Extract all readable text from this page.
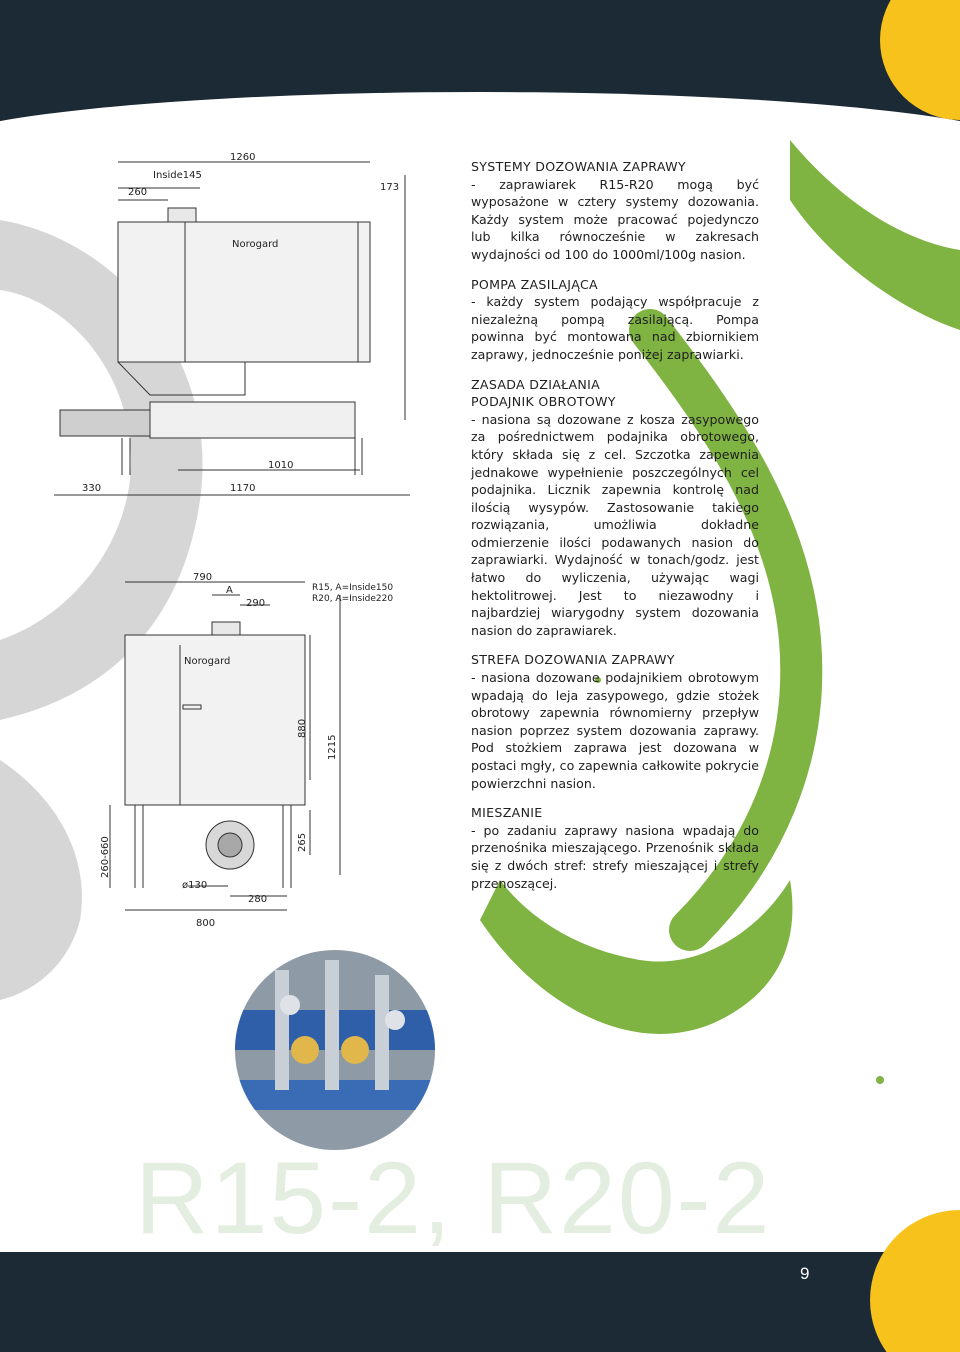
1260
Inside145
260	173
1010
330	1170
Norogard
790
A
290
R15, A=Inside150
R20, A=Inside220
Norogard
880
1215
265
260-660
ø130
280
800
SYSTEMY DOZOWANIA ZAPRAWY

- zaprawiarek R15-R20 mogą być wyposażone w cztery systemy dozowania. Każdy system może pracować pojedynczo lub kilka równocześnie w zakresach wydajności od 100 do 1000ml/100g nasion.

POMPA ZASILAJĄCA

- każdy system podający współpracuje z niezależną pompą zasilającą. Pompa powinna być montowana nad zbiornikiem zaprawy, jednocześnie poniżej zaprawiarki.

ZASADA DZIAŁANIA
PODAJNIK OBROTOWY

- nasiona są dozowane z kosza zasypowego za pośrednictwem podajnika obrotowego, który składa się z cel. Szczotka zapewnia jednakowe wypełnienie poszczególnych cel podajnika. Licznik zapewnia kontrolę nad ilością wysypów. Zastosowanie takiego rozwiązania, umożliwia dokładne odmierzenie ilości podawanych nasion do zaprawiarki. Wydajność w tonach/godz. jest łatwo do wyliczenia, używając wagi hektolitrowej. Jest to niezawodny i najbardziej wiarygodny system dozowania nasion do zaprawiarek.

STREFA DOZOWANIA ZAPRAWY

- nasiona dozowane podajnikiem obrotowym wpadają do leja zasypowego, gdzie stożek obrotowy zapewnia równomierny przepływ nasion poprzez system dozowania zaprawy. Pod stożkiem zaprawa jest dozowana w postaci mgły, co zapewnia całkowite pokrycie powierzchni nasion.

MIESZANIE

- po zadaniu zaprawy nasiona wpadają do przenośnika mieszającego. Przenośnik składa się z dwóch stref: strefy mieszającej i strefy przenoszącej.

R15-2, R20-2
9
